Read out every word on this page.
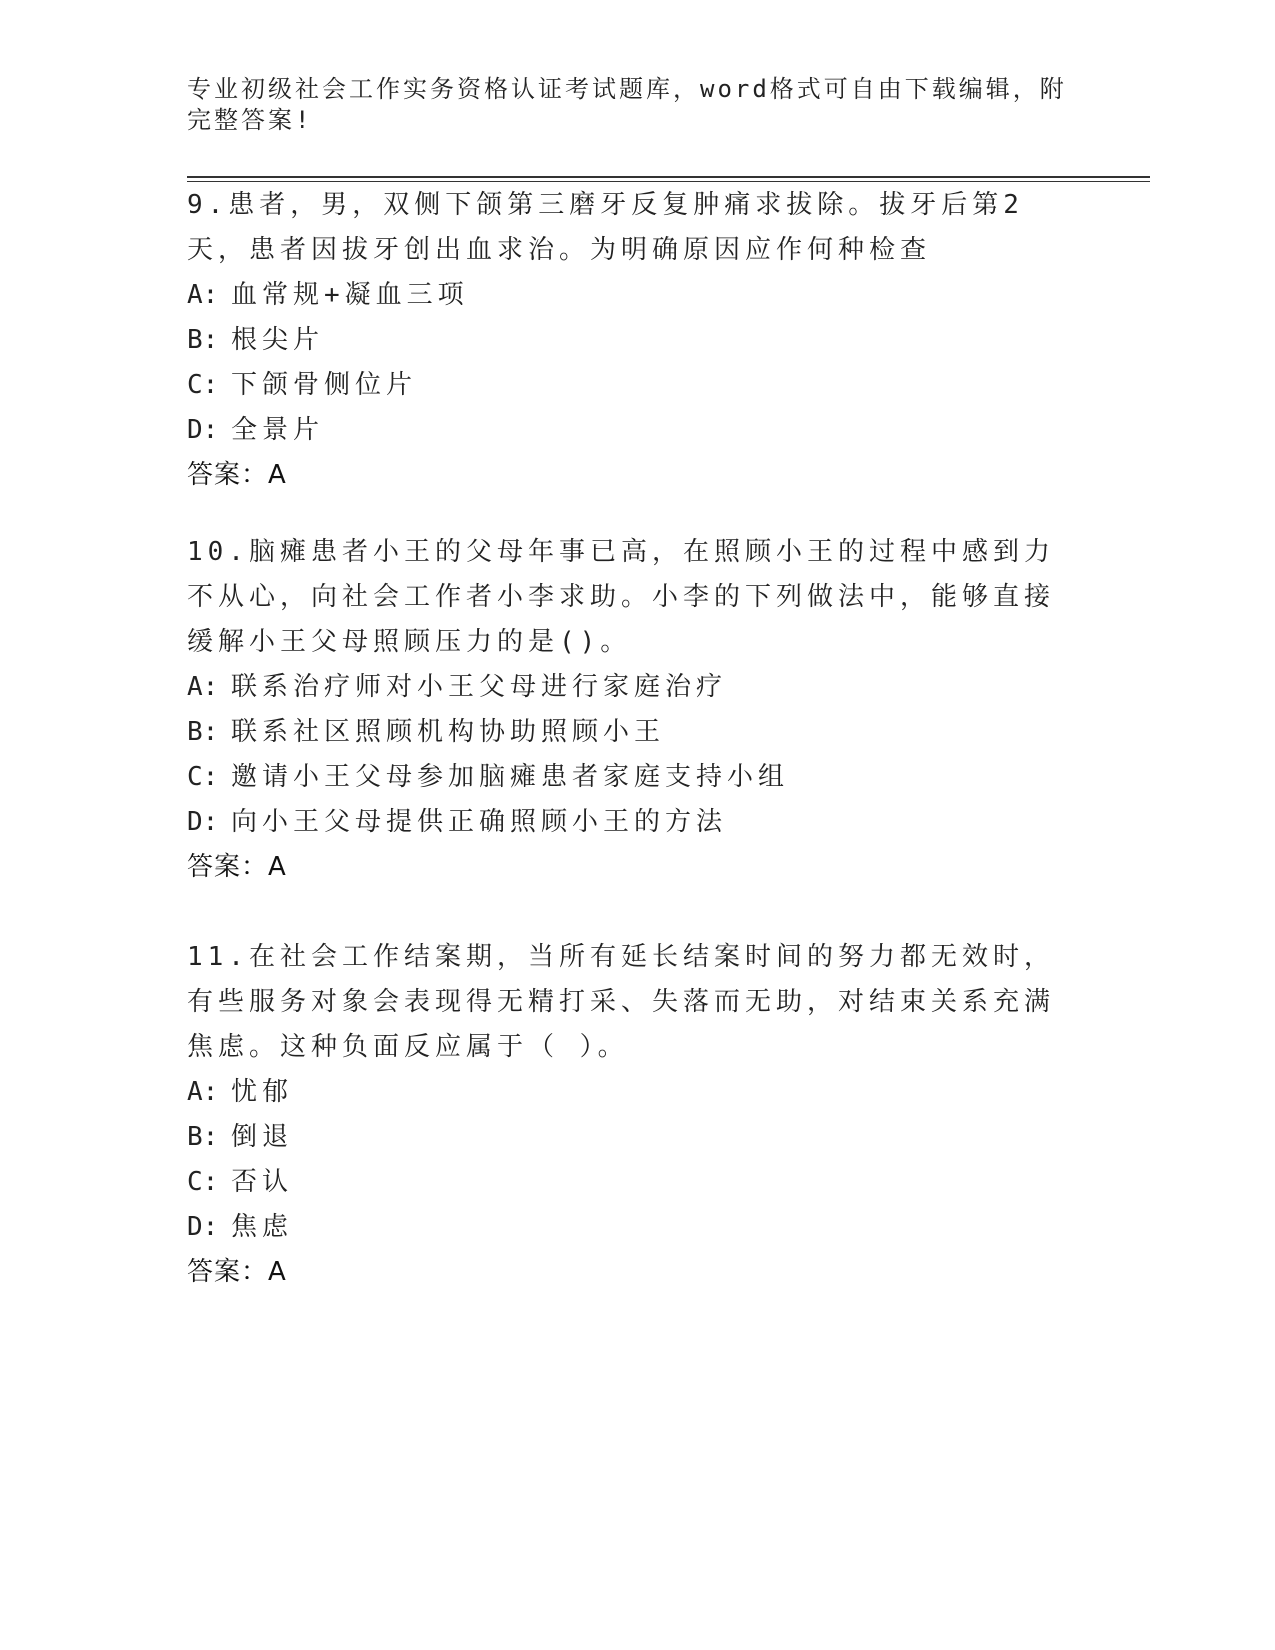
专业初级社会工作实务资格认证考试题库，word格式可自由下载编辑，附完整答案!

9.患者，男，双侧下颌第三磨牙反复肿痛求拔除。拔牙后第2天，患者因拔牙创出血求治。为明确原因应作何种检查

A: 血常规+凝血三项

B: 根尖片

C: 下颌骨侧位片

D: 全景片

答案：A

10.脑瘫患者小王的父母年事已高，在照顾小王的过程中感到力不从心，向社会工作者小李求助。小李的下列做法中，能够直接缓解小王父母照顾压力的是()。

A: 联系治疗师对小王父母进行家庭治疗

B: 联系社区照顾机构协助照顾小王

C: 邀请小王父母参加脑瘫患者家庭支持小组

D: 向小王父母提供正确照顾小王的方法

答案：A

11.在社会工作结案期，当所有延长结案时间的努力都无效时，有些服务对象会表现得无精打采、失落而无助，对结束关系充满焦虑。这种负面反应属于（ ）。

A: 忧郁

B: 倒退

C: 否认

D: 焦虑

答案：A
